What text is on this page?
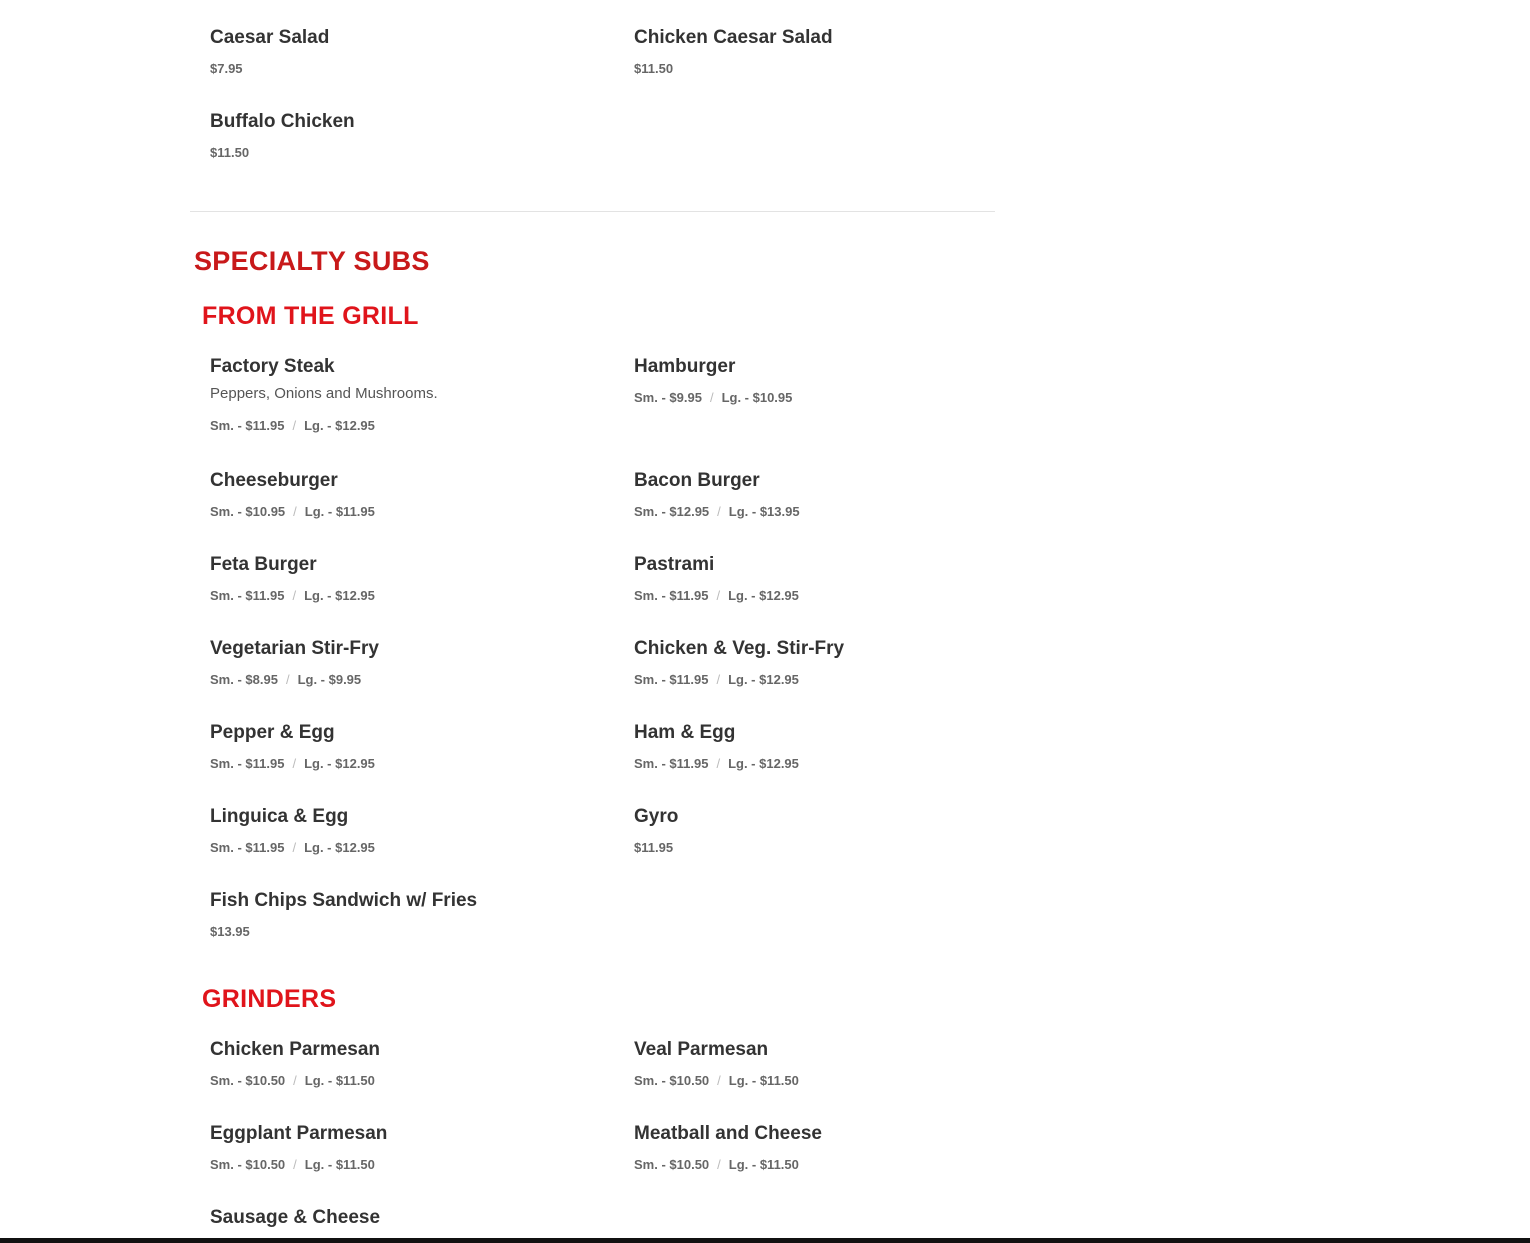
Caesar Salad
$7.95
Chicken Caesar Salad
$11.50
Buffalo Chicken
$11.50
SPECIALTY SUBS
FROM THE GRILL
Factory Steak
Peppers, Onions and Mushrooms.
Sm. - $11.95 / Lg. - $12.95
Hamburger
Sm. - $9.95 / Lg. - $10.95
Cheeseburger
Sm. - $10.95 / Lg. - $11.95
Bacon Burger
Sm. - $12.95 / Lg. - $13.95
Feta Burger
Sm. - $11.95 / Lg. - $12.95
Pastrami
Sm. - $11.95 / Lg. - $12.95
Vegetarian Stir-Fry
Sm. - $8.95 / Lg. - $9.95
Chicken & Veg. Stir-Fry
Sm. - $11.95 / Lg. - $12.95
Pepper & Egg
Sm. - $11.95 / Lg. - $12.95
Ham & Egg
Sm. - $11.95 / Lg. - $12.95
Linguica & Egg
Sm. - $11.95 / Lg. - $12.95
Gyro
$11.95
Fish Chips Sandwich w/ Fries
$13.95
GRINDERS
Chicken Parmesan
Sm. - $10.50 / Lg. - $11.50
Veal Parmesan
Sm. - $10.50 / Lg. - $11.50
Eggplant Parmesan
Sm. - $10.50 / Lg. - $11.50
Meatball and Cheese
Sm. - $10.50 / Lg. - $11.50
Sausage & Cheese
